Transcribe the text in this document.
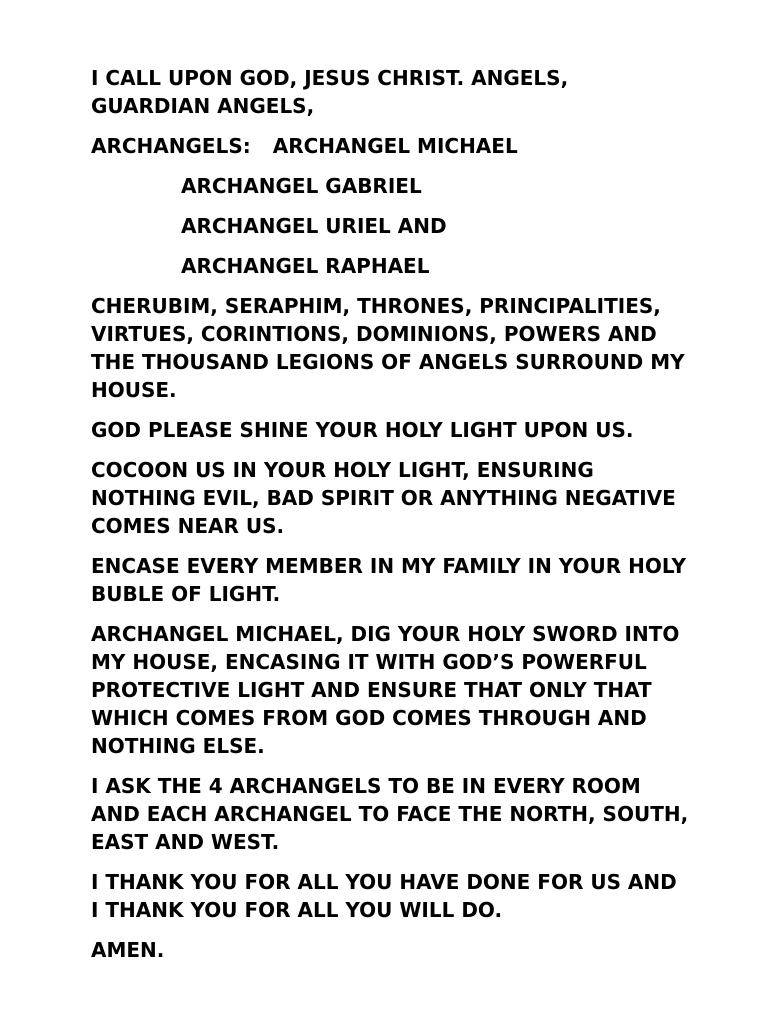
I CALL UPON GOD, JESUS CHRIST. ANGELS, GUARDIAN ANGELS,

ARCHANGELS: ARCHANGEL MICHAEL

ARCHANGEL GABRIEL

ARCHANGEL URIEL AND

ARCHANGEL RAPHAEL

CHERUBIM, SERAPHIM, THRONES, PRINCIPALITIES, VIRTUES, CORINTIONS, DOMINIONS, POWERS AND THE THOUSAND LEGIONS OF ANGELS SURROUND MY HOUSE.

GOD PLEASE SHINE YOUR HOLY LIGHT UPON US.

COCOON US IN YOUR HOLY LIGHT, ENSURING NOTHING EVIL, BAD SPIRIT OR ANYTHING NEGATIVE COMES NEAR US.

ENCASE EVERY MEMBER IN MY FAMILY IN YOUR HOLY BUBLE OF LIGHT.

ARCHANGEL MICHAEL, DIG YOUR HOLY SWORD INTO MY HOUSE, ENCASING IT WITH GOD’S POWERFUL PROTECTIVE LIGHT AND ENSURE THAT ONLY THAT WHICH COMES FROM GOD COMES THROUGH AND NOTHING ELSE.

I ASK THE 4 ARCHANGELS TO BE IN EVERY ROOM AND EACH ARCHANGEL TO FACE THE NORTH, SOUTH, EAST AND WEST.

I THANK YOU FOR ALL YOU HAVE DONE FOR US AND I THANK YOU FOR ALL YOU WILL DO.

AMEN.
